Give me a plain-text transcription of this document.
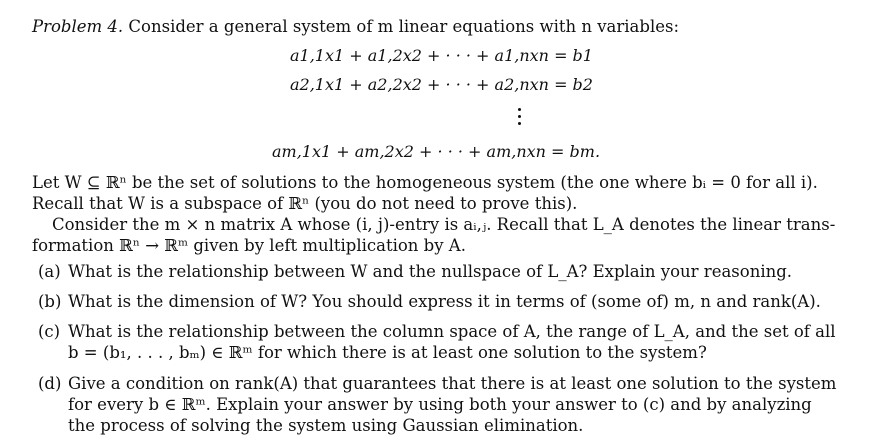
Problem 4. Consider a general system of m linear equations with n variables:
a1,1x1 + a1,2x2 + · · · + a1,nxn = b1
a2,1x1 + a2,2x2 + · · · + a2,nxn = b2
am,1x1 + am,2x2 + · · · + am,nxn = bm.
Let W ⊆ ℝⁿ be the set of solutions to the homogeneous system (the one where bᵢ = 0 for all i).
Recall that W is a subspace of ℝⁿ (you do not need to prove this).
Consider the m × n matrix A whose (i, j)-entry is aᵢ,ⱼ. Recall that L_A denotes the linear trans-
formation ℝⁿ → ℝᵐ given by left multiplication by A.
(a) What is the relationship between W and the nullspace of L_A? Explain your reasoning.
(b) What is the dimension of W? You should express it in terms of (some of) m, n and rank(A).
(c) What is the relationship between the column space of A, the range of L_A, and the set of all
b = (b₁, . . . , bₘ) ∈ ℝᵐ for which there is at least one solution to the system?
(d) Give a condition on rank(A) that guarantees that there is at least one solution to the system
for every b ∈ ℝᵐ. Explain your answer by using both your answer to (c) and by analyzing
the process of solving the system using Gaussian elimination.
